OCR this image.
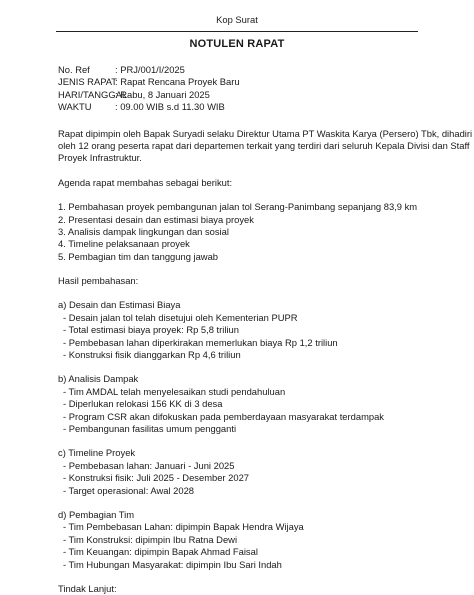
Kop Surat
NOTULEN RAPAT
No. Ref	: PRJ/001/I/2025
JENIS RAPAT
: Rapat Rencana Proyek Baru
HARI/TANGGAL
: Rabu, 8 Januari 2025
WAKTU	: 09.00 WIB s.d 11.30 WIB
Rapat dipimpin oleh Bapak Suryadi selaku Direktur Utama PT Waskita Karya (Persero) Tbk, dihadiri
oleh 12 orang peserta rapat dari departemen terkait yang terdiri dari seluruh Kepala Divisi dan Staff
Proyek Infrastruktur.
Agenda rapat membahas sebagai berikut:
1. Pembahasan proyek pembangunan jalan tol Serang-Panimbang sepanjang 83,9 km
2. Presentasi desain dan estimasi biaya proyek
3. Analisis dampak lingkungan dan sosial
4. Timeline pelaksanaan proyek
5. Pembagian tim dan tanggung jawab
Hasil pembahasan:
a) Desain dan Estimasi Biaya
- Desain jalan tol telah disetujui oleh Kementerian PUPR
- Total estimasi biaya proyek: Rp 5,8 triliun
- Pembebasan lahan diperkirakan memerlukan biaya Rp 1,2 triliun
- Konstruksi fisik dianggarkan Rp 4,6 triliun
b) Analisis Dampak
- Tim AMDAL telah menyelesaikan studi pendahuluan
- Diperlukan relokasi 156 KK di 3 desa
- Program CSR akan difokuskan pada pemberdayaan masyarakat terdampak
- Pembangunan fasilitas umum pengganti
c) Timeline Proyek
- Pembebasan lahan: Januari - Juni 2025
- Konstruksi fisik: Juli 2025 - Desember 2027
- Target operasional: Awal 2028
d) Pembagian Tim
- Tim Pembebasan Lahan: dipimpin Bapak Hendra Wijaya
- Tim Konstruksi: dipimpin Ibu Ratna Dewi
- Tim Keuangan: dipimpin Bapak Ahmad Faisal
- Tim Hubungan Masyarakat: dipimpin Ibu Sari Indah
Tindak Lanjut:
